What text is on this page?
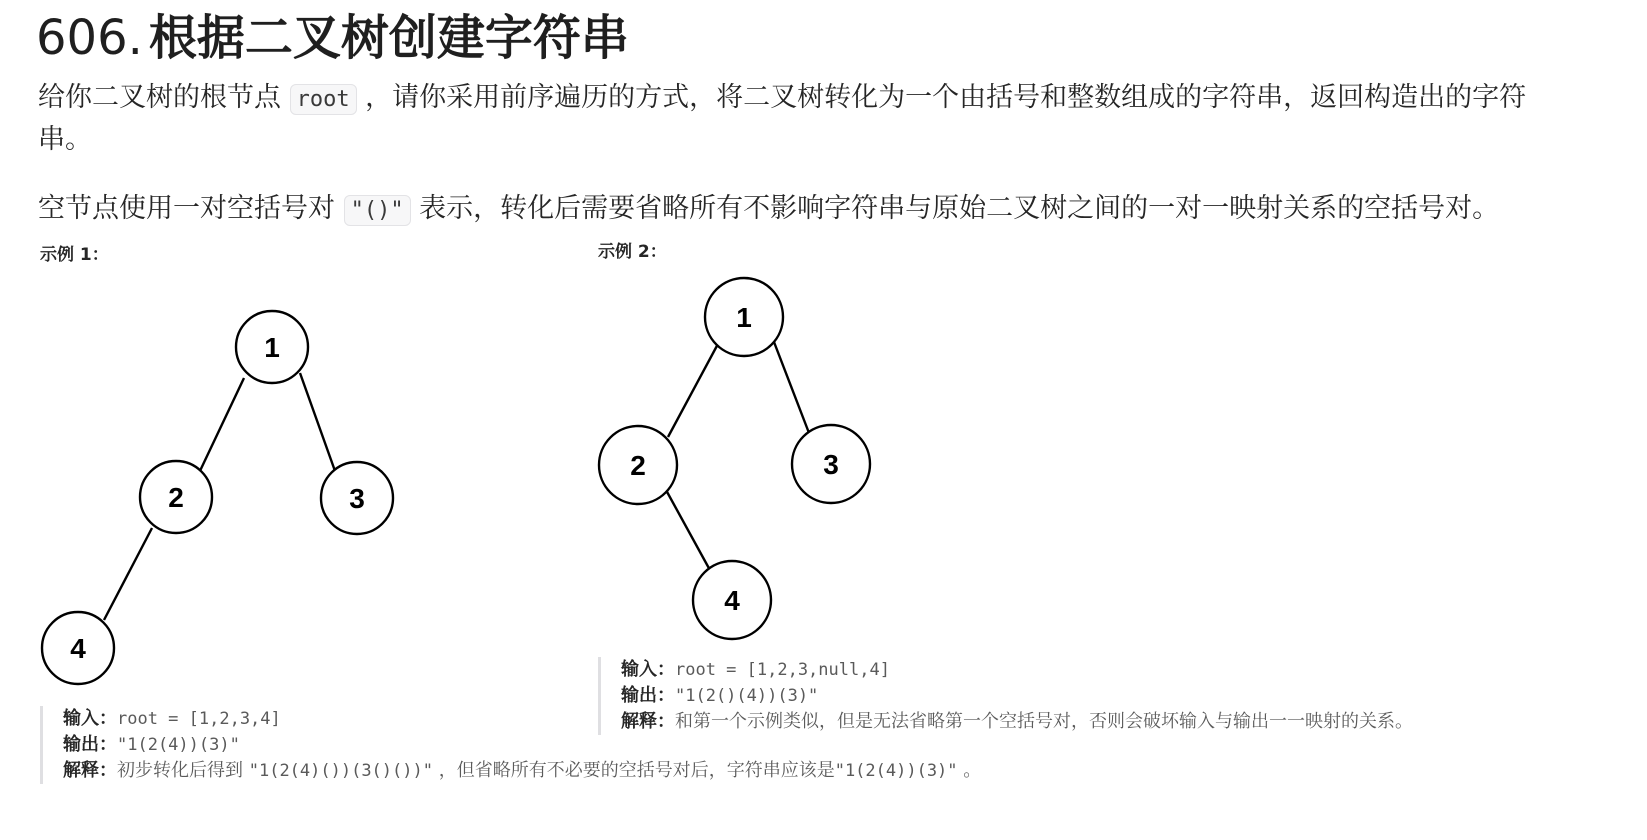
606. 根据二叉树创建字符串

给你二叉树的根节点 root ，请你采用前序遍历的方式，将二叉树转化为一个由括号和整数组成的字符串，返回构造出的字符串。

空节点使用一对空括号对 "()" 表示，转化后需要省略所有不影响字符串与原始二叉树之间的一对一映射关系的空括号对。

示例 1：
1
2	3
4
输入：root = [1,2,3,4]
输出："1(2(4))(3)"
解释：初步转化后得到 "1(2(4)())(3()())" ，但省略所有不必要的空括号对后，字符串应该是"1(2(4))(3)" 。
示例 2：
1
2	3
4
输入：root = [1,2,3,null,4]
输出："1(2()(4))(3)"
解释：和第一个示例类似，但是无法省略第一个空括号对，否则会破坏输入与输出一一映射的关系。
